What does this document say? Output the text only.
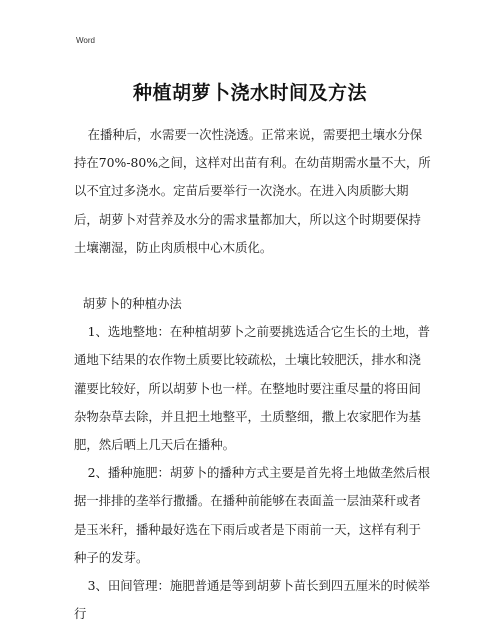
Word
种植胡萝卜浇水时间及方法

在播种后，水需要一次性浇透。正常来说，需要把土壤水分保持在70%-80%之间，这样对出苗有利。在幼苗期需水量不大，所以不宜过多浇水。定苗后要举行一次浇水。在进入肉质膨大期后，胡萝卜对营养及水分的需求量都加大，所以这个时期要保持土壤潮湿，防止肉质根中心木质化。

胡萝卜的种植办法

1、选地整地：在种植胡萝卜之前要挑选适合它生长的土地，普通地下结果的农作物土质要比较疏松，土壤比较肥沃，排水和浇灌要比较好，所以胡萝卜也一样。在整地时要注重尽量的将田间杂物杂草去除，并且把土地整平，土质整细，撒上农家肥作为基肥，然后晒上几天后在播种。

2、播种施肥：胡萝卜的播种方式主要是首先将土地做垄然后根据一排排的垄举行撒播。在播种前能够在表面盖一层油菜秆或者是玉米秆，播种最好选在下雨后或者是下雨前一天，这样有利于种子的发芽。

3、田间管理：施肥普通是等到胡萝卜苗长到四五厘米的时候举行
